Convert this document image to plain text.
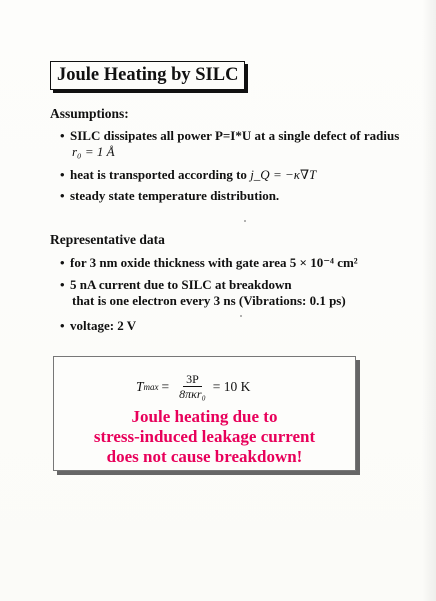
Joule Heating by SILC
Assumptions:
• SILC dissipates all power P=I*U at a single defect of radius
r₀ = 1 Å
• heat is transported according to j_Q = −κ∇T
• steady state temperature distribution.
Representative data
• for 3 nm oxide thickness with gate area 5 × 10⁻⁴ cm²
• 5 nA current due to SILC at breakdown
that is one electron every 3 ns (Vibrations: 0.1 ps)
• voltage: 2 V
T $\max = \frac{3P}{\text{8πκr₀}} = 10$ K
Joule heating due to
stress-induced leakage current
does not cause breakdown!
